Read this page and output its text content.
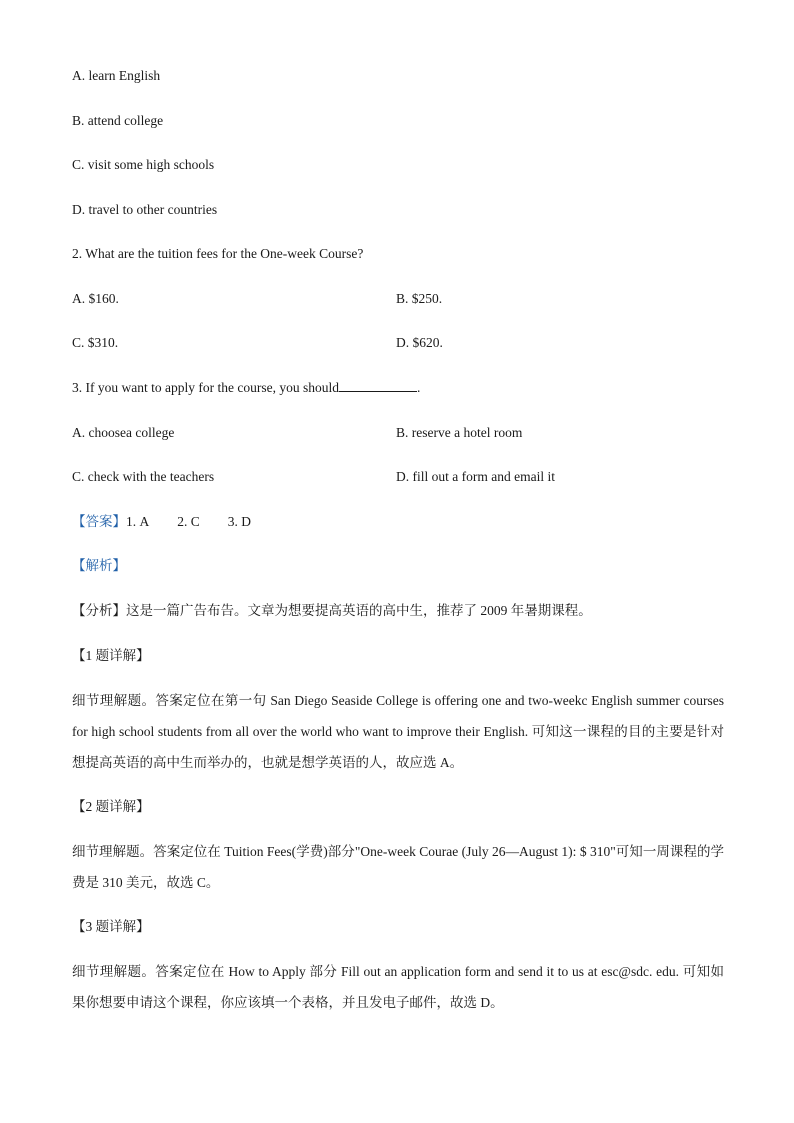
A. learn English
B. attend college
C. visit some high schools
D. travel to other countries
2. What are the tuition fees for the One-week Course?
A. $160.	B. $250.
C. $310.	D. $620.
3. If you want to apply for the course, you should	.
A. choosea college	B. reserve a hotel room
C. check with the teachers	D. fill out a form and email it
【答案】1. A 2. C 3. D
【解析】
【分析】这是一篇广告布告。文章为想要提高英语的高中生，推荐了 2009 年暑期课程。
【1 题详解】
细节理解题。答案定位在第一句 San Diego Seaside College is offering one and two-weekc English summer courses for high school students from all over the world who want to improve their English. 可知这一课程的目的主要是针对想提高英语的高中生而举办的，也就是想学英语的人，故应选 A。
【2 题详解】
细节理解题。答案定位在 Tuition Fees(学费)部分"One-week Courae (July 26—August 1): $ 310"可知一周课程的学费是 310 美元，故选 C。
【3 题详解】
细节理解题。答案定位在 How to Apply 部分 Fill out an application form and send it to us at esc@sdc. edu. 可知如果你想要申请这个课程，你应该填一个表格，并且发电子邮件，故选 D。
